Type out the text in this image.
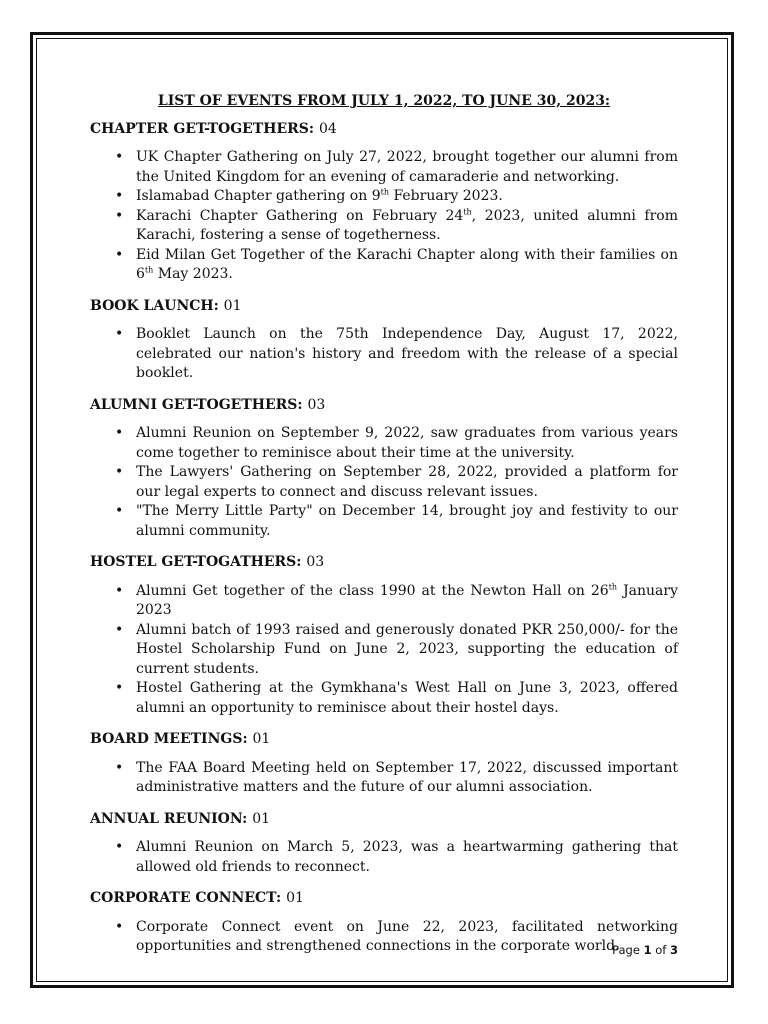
LIST OF EVENTS FROM JULY 1, 2022, TO JUNE 30, 2023:

CHAPTER GET-TOGETHERS: 04

• UK Chapter Gathering on July 27, 2022, brought together our alumni from the United Kingdom for an evening of camaraderie and networking.
• Islamabad Chapter gathering on 9th February 2023.
• Karachi Chapter Gathering on February 24th, 2023, united alumni from Karachi, fostering a sense of togetherness.
• Eid Milan Get Together of the Karachi Chapter along with their families on 6th May 2023.

BOOK LAUNCH: 01

• Booklet Launch on the 75th Independence Day, August 17, 2022, celebrated our nation's history and freedom with the release of a special booklet.

ALUMNI GET-TOGETHERS: 03

• Alumni Reunion on September 9, 2022, saw graduates from various years come together to reminisce about their time at the university.
• The Lawyers' Gathering on September 28, 2022, provided a platform for our legal experts to connect and discuss relevant issues.
• "The Merry Little Party" on December 14, brought joy and festivity to our alumni community.

HOSTEL GET-TOGATHERS: 03

• Alumni Get together of the class 1990 at the Newton Hall on 26th January 2023
• Alumni batch of 1993 raised and generously donated PKR 250,000/- for the Hostel Scholarship Fund on June 2, 2023, supporting the education of current students.
• Hostel Gathering at the Gymkhana's West Hall on June 3, 2023, offered alumni an opportunity to reminisce about their hostel days.

BOARD MEETINGS: 01

• The FAA Board Meeting held on September 17, 2022, discussed important administrative matters and the future of our alumni association.

ANNUAL REUNION: 01

• Alumni Reunion on March 5, 2023, was a heartwarming gathering that allowed old friends to reconnect.

CORPORATE CONNECT: 01

• Corporate Connect event on June 22, 2023, facilitated networking opportunities and strengthened connections in the corporate world.
Page 1 of 3
